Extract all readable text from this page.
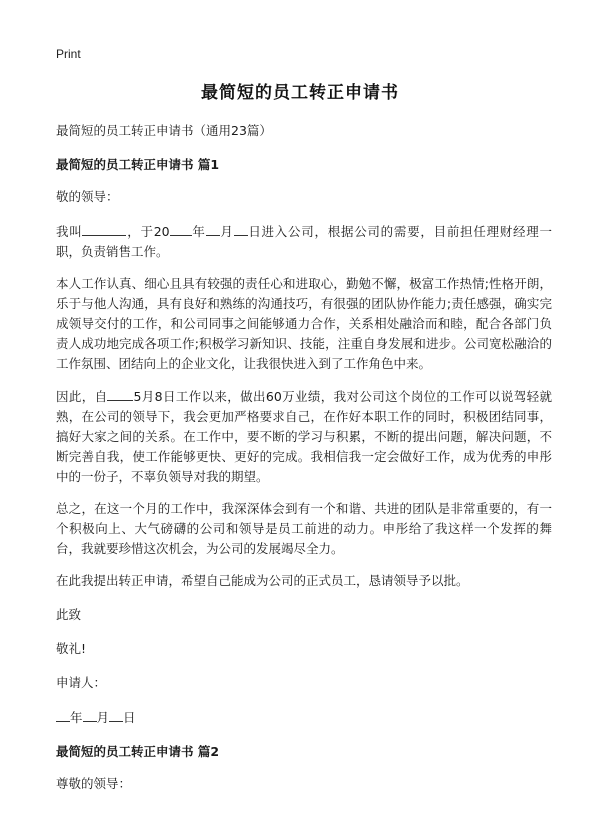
Print
最简短的员工转正申请书

最简短的员工转正申请书（通用23篇）

最简短的员工转正申请书 篇1

敬的领导：

我叫	，于20 年 月 日进入公司，根据公司的需要，目前担任理财经理一职，负责销售工作。

本人工作认真、细心且具有较强的责任心和进取心，勤勉不懈，极富工作热情;性格开朗，乐于与他人沟通，具有良好和熟练的沟通技巧，有很强的团队协作能力;责任感强，确实完成领导交付的工作，和公司同事之间能够通力合作，关系相处融洽而和睦，配合各部门负责人成功地完成各项工作;积极学习新知识、技能，注重自身发展和进步。公司宽松融洽的工作氛围、团结向上的企业文化，让我很快进入到了工作角色中来。

因此，自 5月8日工作以来，做出60万业绩，我对公司这个岗位的工作可以说驾轻就熟，在公司的领导下，我会更加严格要求自己，在作好本职工作的同时，积极团结同事，搞好大家之间的关系。在工作中，要不断的学习与积累，不断的提出问题，解决问题，不断完善自我，使工作能够更快、更好的完成。我相信我一定会做好工作，成为优秀的申彤中的一份子，不辜负领导对我的期望。

总之，在这一个月的工作中，我深深体会到有一个和谐、共进的团队是非常重要的，有一个积极向上、大气磅礴的公司和领导是员工前进的动力。申彤给了我这样一个发挥的舞台，我就要珍惜这次机会，为公司的发展竭尽全力。

在此我提出转正申请，希望自己能成为公司的正式员工，恳请领导予以批。

此致

敬礼!

申请人：

年 月 日

最简短的员工转正申请书 篇2

尊敬的领导：
